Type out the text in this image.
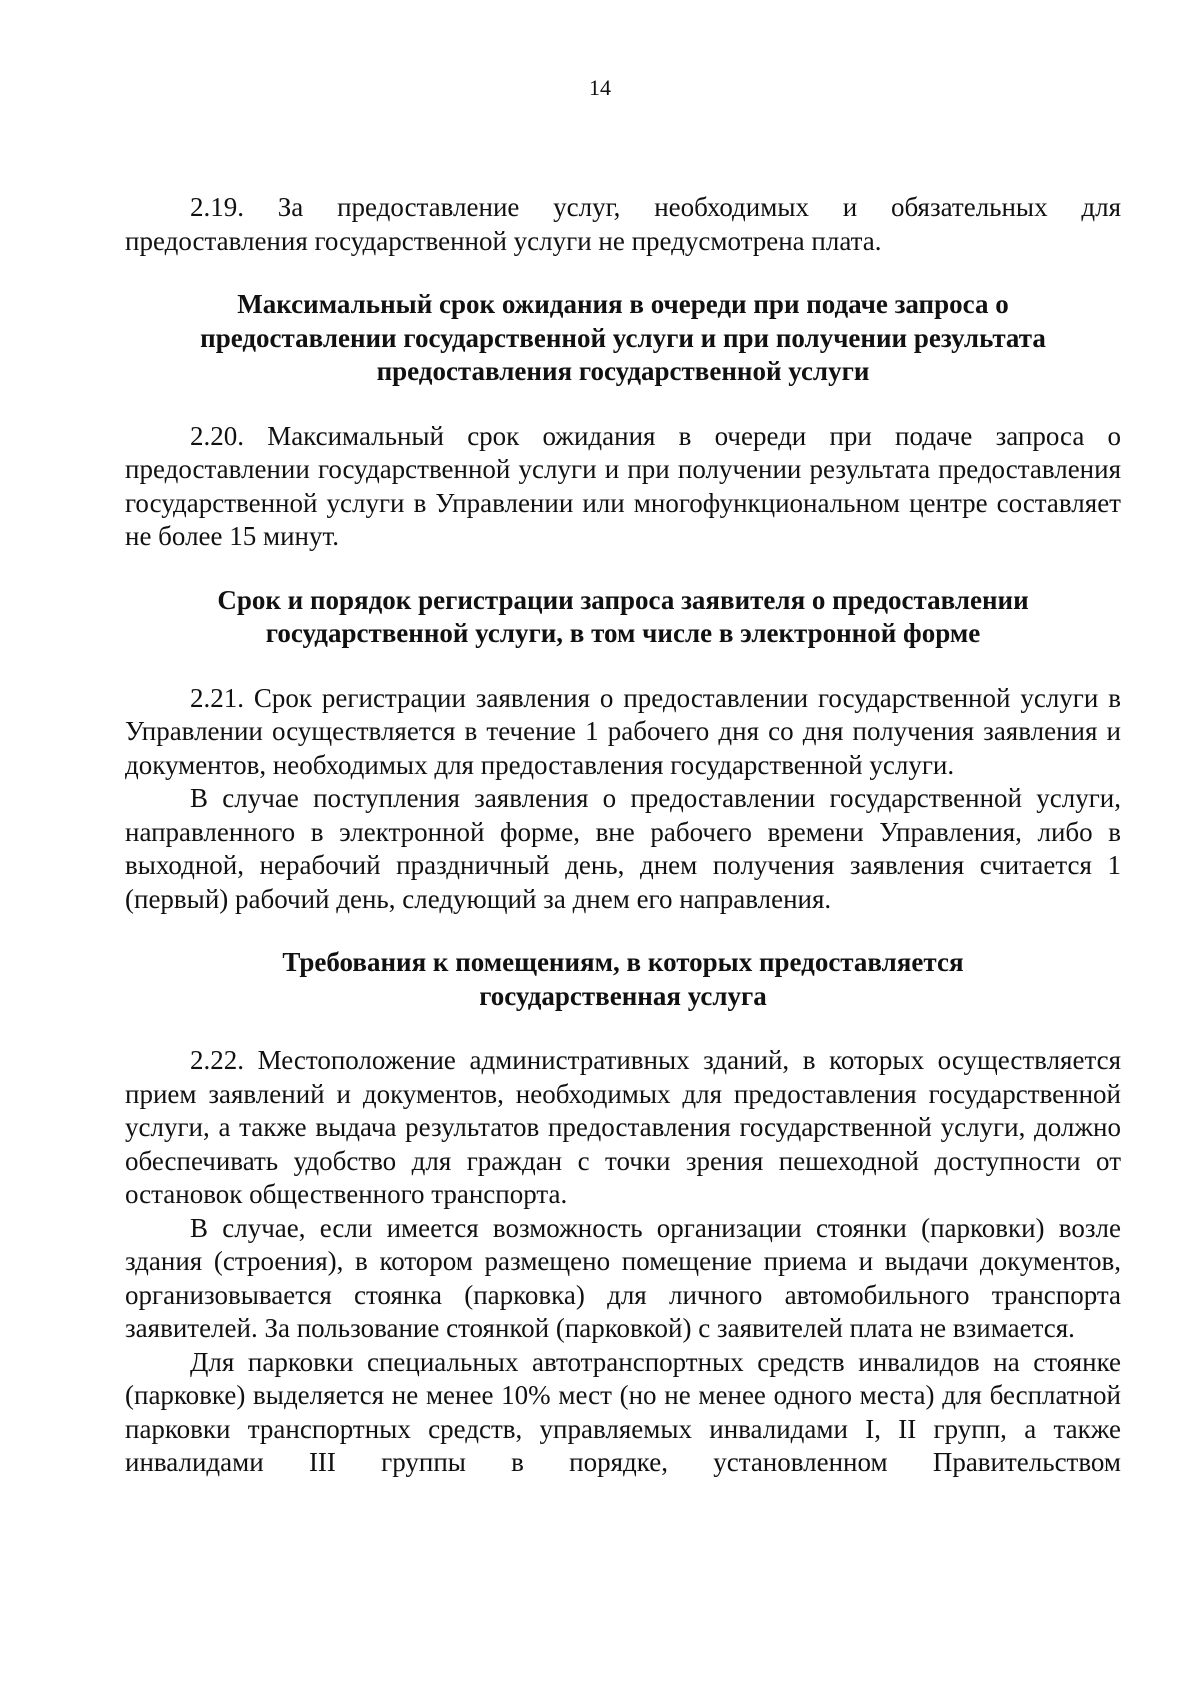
14

2.19. За предоставление услуг, необходимых и обязательных для предоставления государственной услуги не предусмотрена плата.

Максимальный срок ожидания в очереди при подаче запроса о предоставлении государственной услуги и при получении результата предоставления государственной услуги

2.20. Максимальный срок ожидания в очереди при подаче запроса о предоставлении государственной услуги и при получении результата предоставления государственной услуги в Управлении или многофункциональном центре составляет не более 15 минут.

Срок и порядок регистрации запроса заявителя о предоставлении государственной услуги, в том числе в электронной форме

2.21. Срок регистрации заявления о предоставлении государственной услуги в Управлении осуществляется в течение 1 рабочего дня со дня получения заявления и документов, необходимых для предоставления государственной услуги.

В случае поступления заявления о предоставлении государственной услуги, направленного в электронной форме, вне рабочего времени Управления, либо в выходной, нерабочий праздничный день, днем получения заявления считается 1 (первый) рабочий день, следующий за днем его направления.

Требования к помещениям, в которых предоставляется государственная услуга

2.22. Местоположение административных зданий, в которых осуществляется прием заявлений и документов, необходимых для предоставления государственной услуги, а также выдача результатов предоставления государственной услуги, должно обеспечивать удобство для граждан с точки зрения пешеходной доступности от остановок общественного транспорта.

В случае, если имеется возможность организации стоянки (парковки) возле здания (строения), в котором размещено помещение приема и выдачи документов, организовывается стоянка (парковка) для личного автомобильного транспорта заявителей. За пользование стоянкой (парковкой) с заявителей плата не взимается.

Для парковки специальных автотранспортных средств инвалидов на стоянке (парковке) выделяется не менее 10% мест (но не менее одного места) для бесплатной парковки транспортных средств, управляемых инвалидами I, II групп, а также инвалидами III группы в порядке, установленном Правительством
